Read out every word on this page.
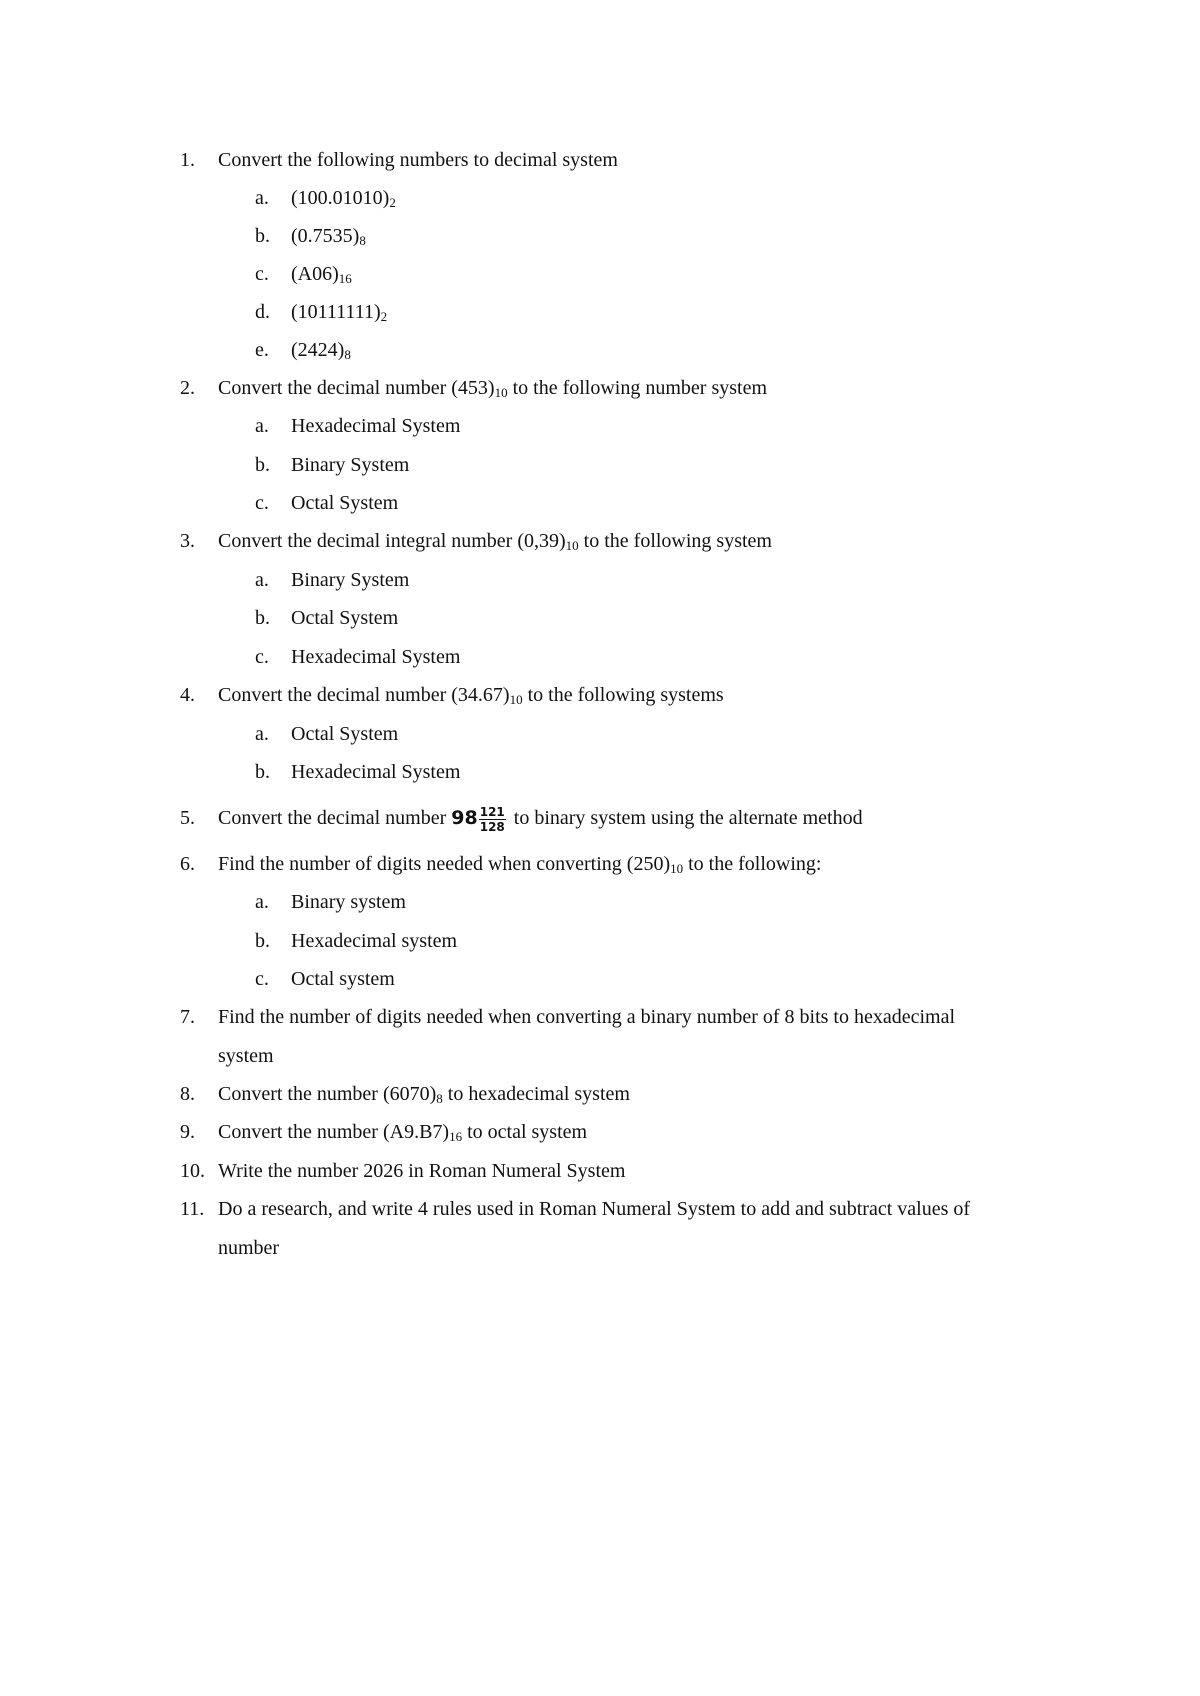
1.	Convert the following numbers to decimal system
a.	$(100.01010)_2$
b.	$(0.7535)_8$
c.	$(A06)_{16}$
d.	$(10111111)_2$
e.	$(2424)_8$
2.	Convert the decimal number $(453)_{10}$ to the following number system
a.	Hexadecimal System
b.	Binary System
c.	Octal System
3.	Convert the decimal integral number $(0,39)_{10}$ to the following system
a.	Binary System
b.	Octal System
c.	Hexadecimal System
4.	Convert the decimal number $(34.67)_{10}$ to the following systems
a.	Octal System
b.	Hexadecimal System
5.	Convert the decimal number $98 \frac{121}{128}$ to binary system using the alternate method
6.	Find the number of digits needed when converting $(250)_{10}$ to the following:
a.	Binary system
b.	Hexadecimal system
c.	Octal system
7.	Find the number of digits needed when converting a binary number of 8 bits to hexadecimal
system
8.	Convert the number $(6070)_8$ to hexadecimal system
9.	Convert the number $(A9.B7)_{16}$ to octal system
10. Write the number 2026 in Roman Numeral System
11. Do a research, and write 4 rules used in Roman Numeral System to add and subtract values of
number
